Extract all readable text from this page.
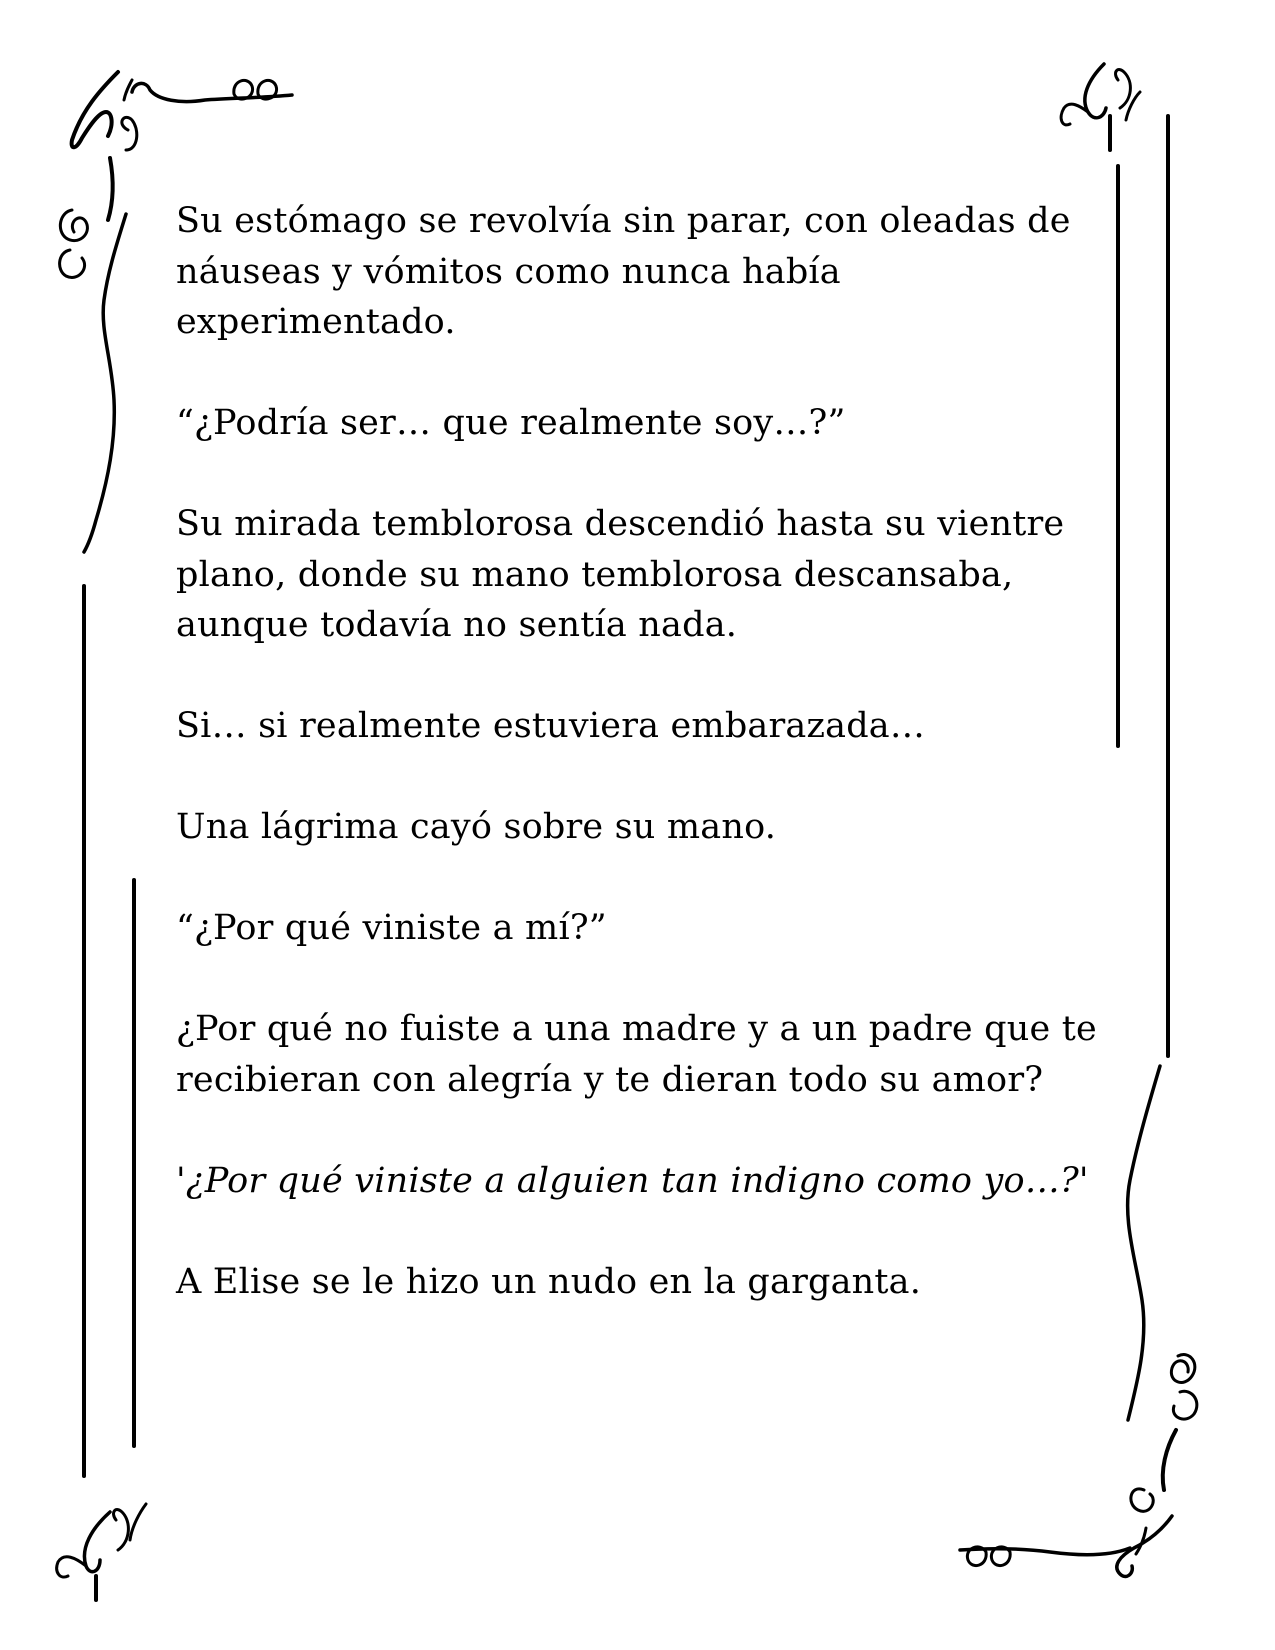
Su estómago se revolvía sin parar, con oleadas de náuseas y vómitos como nunca había experimentado.

“¿Podría ser… que realmente soy…?”

Su mirada temblorosa descendió hasta su vientre plano, donde su mano temblorosa descansaba, aunque todavía no sentía nada.

Si… si realmente estuviera embarazada…

Una lágrima cayó sobre su mano.

“¿Por qué viniste a mí?”

¿Por qué no fuiste a una madre y a un padre que te recibieran con alegría y te dieran todo su amor?

'¿Por qué viniste a alguien tan indigno como yo…?'

A Elise se le hizo un nudo en la garganta.
